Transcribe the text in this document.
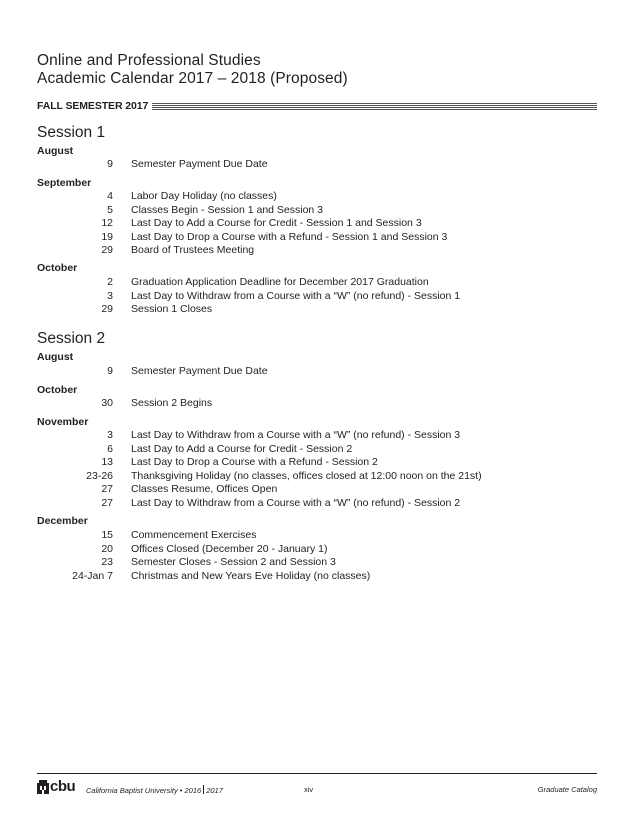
Online and Professional Studies
Academic Calendar 2017 – 2018 (Proposed)
FALL SEMESTER 2017
Session 1
August
9 Semester Payment Due Date
September
4 Labor Day Holiday (no classes)
5 Classes Begin - Session 1 and Session 3
12 Last Day to Add a Course for Credit - Session 1 and Session 3
19 Last Day to Drop a Course with a Refund - Session 1 and Session 3
29 Board of Trustees Meeting
October
2 Graduation Application Deadline for December 2017 Graduation
3 Last Day to Withdraw from a Course with a “W” (no refund) - Session 1
29 Session 1 Closes
Session 2
August
9 Semester Payment Due Date
October
30 Session 2 Begins
November
3 Last Day to Withdraw from a Course with a “W” (no refund) - Session 3
6 Last Day to Add a Course for Credit - Session 2
13 Last Day to Drop a Course with a Refund - Session 2
23-26 Thanksgiving Holiday (no classes, offices closed at 12:00 noon on the 21st)
27 Classes Resume, Offices Open
27 Last Day to Withdraw from a Course with a “W” (no refund) - Session 2
December
15 Commencement Exercises
20 Offices Closed (December 20 - January 1)
23 Semester Closes - Session 2 and Session 3
24-Jan 7 Christmas and New Years Eve Holiday (no classes)
cbu California Baptist University • 2016 2017	xiv	Graduate Catalog
